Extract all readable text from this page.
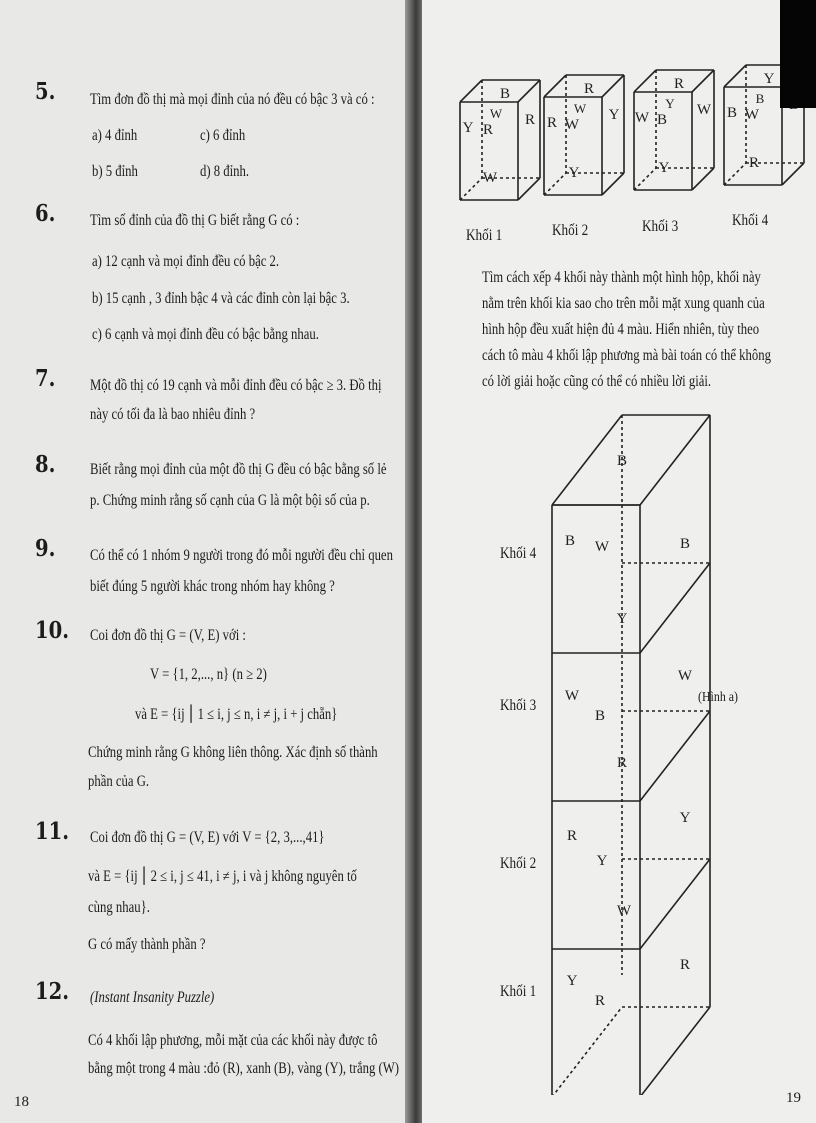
5. Tìm đơn đồ thị mà mọi đỉnh của nó đều có bậc 3 và có :
a) 4 đỉnh	c) 6 đỉnh
b) 5 đỉnh	d) 8 đỉnh.
6. Tìm số đỉnh của đồ thị G biết rằng G có :
a) 12 cạnh và mọi đỉnh đều có bậc 2.
b) 15 cạnh , 3 đỉnh bậc 4 và các đỉnh còn lại bậc 3.
c) 6 cạnh và mọi đỉnh đều có bậc bằng nhau.
7. Một đồ thị có 19 cạnh và mỗi đỉnh đều có bậc ≥ 3. Đồ thị
này có tối đa là bao nhiêu đỉnh ?
8. Biết rằng mọi đỉnh của một đồ thị G đều có bậc bằng số lẻ
p. Chứng minh rằng số cạnh của G là một bội số của p.
9. Có thể có 1 nhóm 9 người trong đó mỗi người đều chỉ quen
biết đúng 5 người khác trong nhóm hay không ?
10. Coi đơn đồ thị G = (V, E) với :
V = {1, 2,..., n} (n ≥ 2)
và E = {ij ⎮ 1 ≤ i, j ≤ n, i ≠ j, i + j chẵn}
Chứng minh rằng G không liên thông. Xác định số thành
phần của G.
11. Coi đơn đồ thị G = (V, E) với V = {2, 3,...,41}
và E = {ij ⎮ 2 ≤ i, j ≤ 41, i ≠ j, i và j không nguyên tố
cùng nhau}.
G có mấy thành phần ?
12. (Instant Insanity Puzzle)
Có 4 khối lập phương, mỗi mặt của các khối này được tô
bằng một trong 4 màu :đỏ (R), xanh (B), vàng (Y), trắng (W)
18
B
Y R
R
W
W
R
R W
Y
W
Y
R
W B
W
Y
Y
Y
B W
B
R
Khối 1	Khối 2	Khối 3	Khối 4
Tìm cách xếp 4 khối này thành một hình hộp, khối này
nằm trên khối kia sao cho trên mỗi mặt xung quanh của
hình hộp đều xuất hiện đủ 4 màu. Hiển nhiên, tùy theo
cách tô màu 4 khối lập phương mà bài toán có thể không
có lời giải hoặc cũng có thể có nhiều lời giải.
B
B W	B
Y
W
W
B
R
R
Y
Y
W
Y
R
R
Khối 4
Khối 3
Khối 2
Khối 1
(Hình a)
19
